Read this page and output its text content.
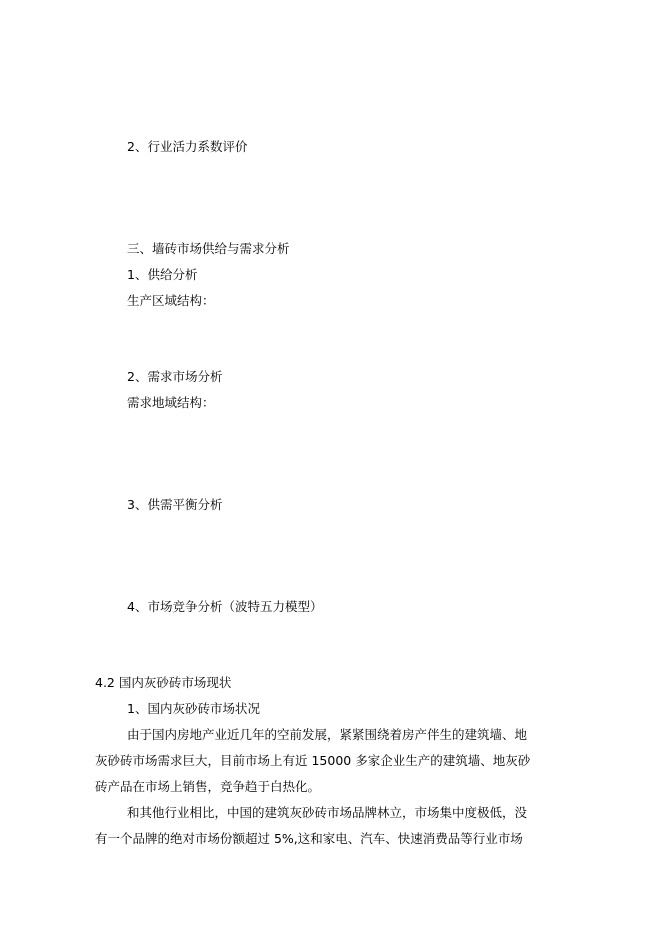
2、行业活力系数评价

三、墙砖市场供给与需求分析

1、供给分析

生产区域结构：

2、需求市场分析

需求地域结构：

3、供需平衡分析

4、市场竞争分析（波特五力模型）

4.2 国内灰砂砖市场现状

1、国内灰砂砖市场状况

由于国内房地产业近几年的空前发展，紧紧围绕着房产伴生的建筑墙、地

灰砂砖市场需求巨大，目前市场上有近 15000 多家企业生产的建筑墙、地灰砂

砖产品在市场上销售，竞争趋于白热化。

和其他行业相比，中国的建筑灰砂砖市场品牌林立，市场集中度极低，没

有一个品牌的绝对市场份额超过 5%,这和家电、汽车、快速消费品等行业市场
